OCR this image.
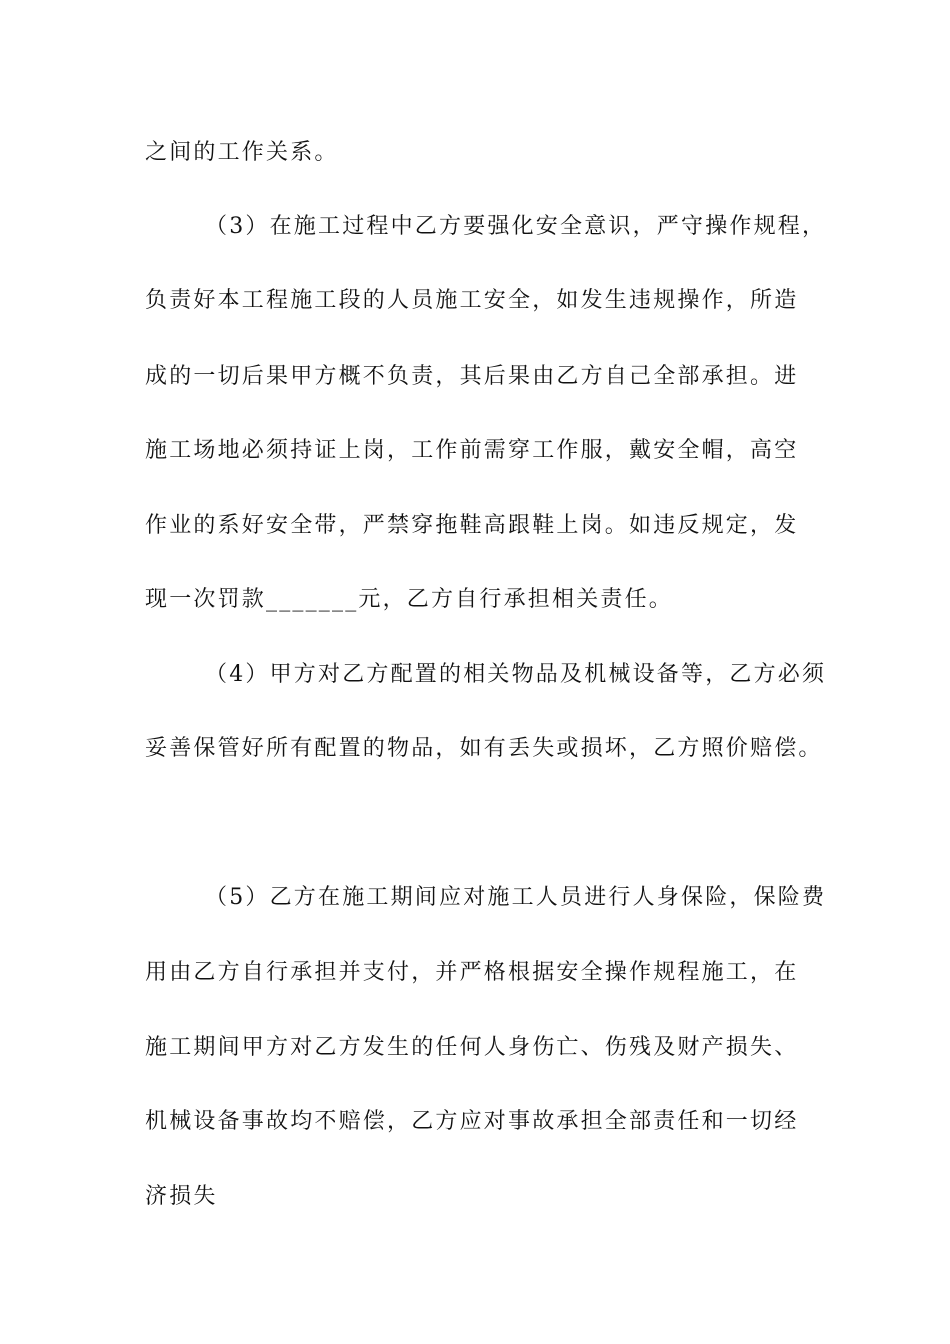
之间的工作关系。
（3）在施工过程中乙方要强化安全意识，严守操作规程，
负责好本工程施工段的人员施工安全，如发生违规操作，所造
成的一切后果甲方概不负责，其后果由乙方自己全部承担。进
施工场地必须持证上岗，工作前需穿工作服，戴安全帽，高空
作业的系好安全带，严禁穿拖鞋高跟鞋上岗。如违反规定，发
现一次罚款_______元，乙方自行承担相关责任。
（4）甲方对乙方配置的相关物品及机械设备等，乙方必须
妥善保管好所有配置的物品，如有丢失或损坏，乙方照价赔偿。
（5）乙方在施工期间应对施工人员进行人身保险，保险费
用由乙方自行承担并支付，并严格根据安全操作规程施工，在
施工期间甲方对乙方发生的任何人身伤亡、伤残及财产损失、
机械设备事故均不赔偿，乙方应对事故承担全部责任和一切经
济损失
